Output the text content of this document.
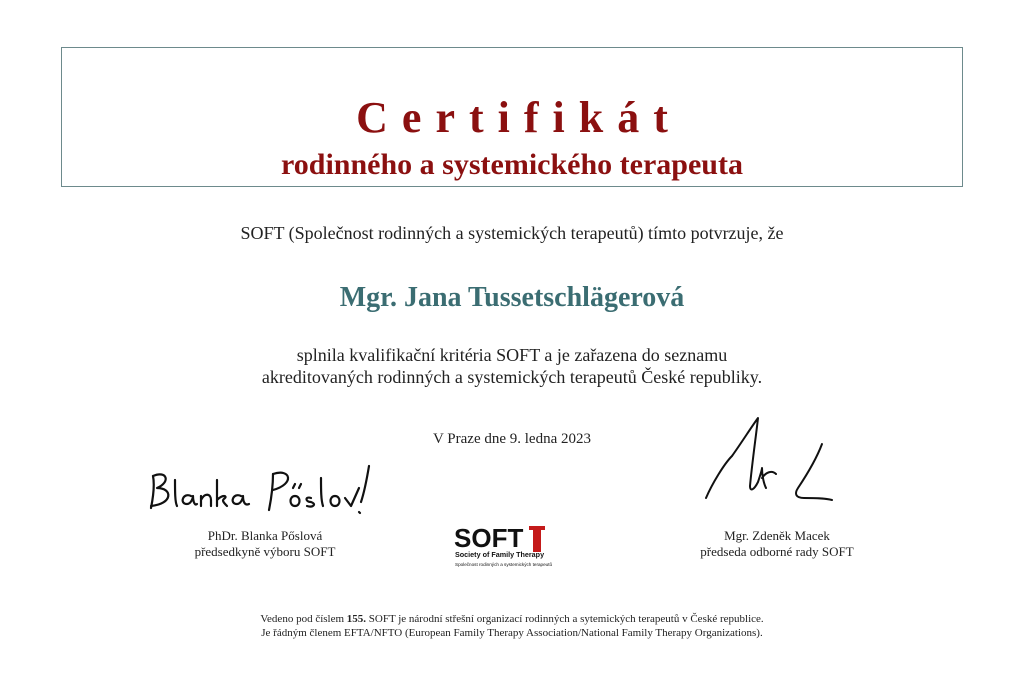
Certifikát
rodinného a systemického terapeuta
SOFT (Společnost rodinných a systemických terapeutů) tímto potvrzuje, že
Mgr. Jana Tussetschlägerová
splnila kvalifikační kritéria SOFT a je zařazena do seznamu
akreditovaných rodinných a systemických terapeutů České republiky.
V Praze dne 9. ledna 2023
PhDr. Blanka Pőslová
předsedkyně výboru SOFT
Mgr. Zdeněk Macek
předseda odborné rady SOFT
SOFT
Society of Family Therapy
Společnost rodinných a systemických terapeutů
Vedeno pod číslem 155. SOFT je národní střešní organizací rodinných a sytemických terapeutů v České republice.
Je řádným členem EFTA/NFTO (European Family Therapy Association/National Family Therapy Organizations).
